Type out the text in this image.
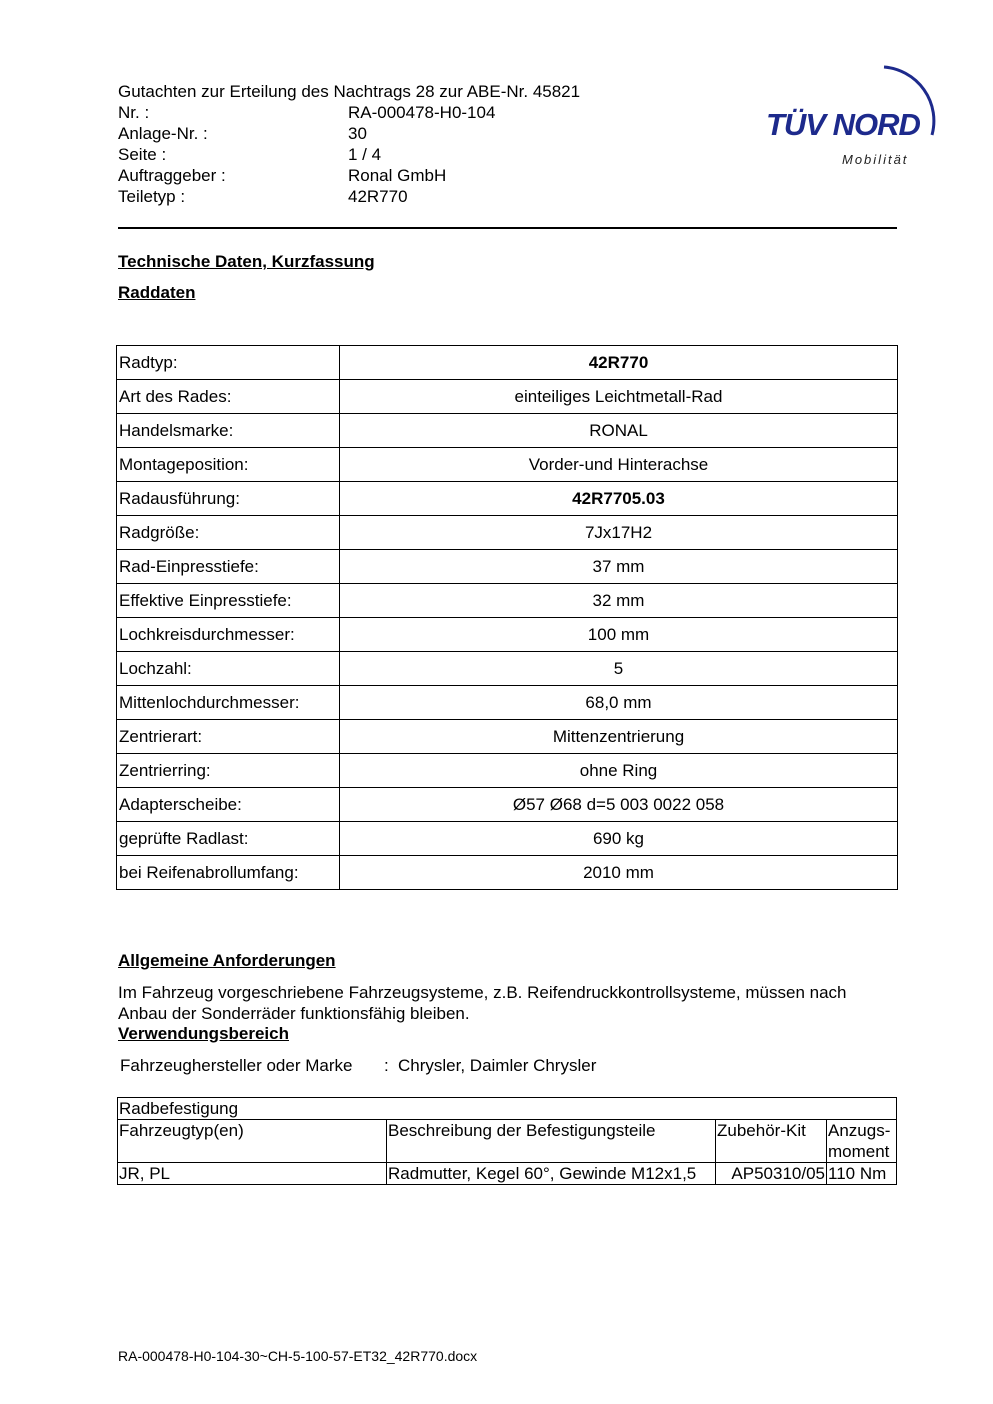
Gutachten zur Erteilung des Nachtrags 28 zur ABE-Nr. 45821
Nr. :	RA-000478-H0-104
Anlage-Nr. :	30
Seite :	1 / 4
Auftraggeber :	Ronal GmbH
Teiletyp :	42R770
TÜV NORD
Mobilität
Technische Daten, Kurzfassung
Raddaten
Radtyp:	42R770
Art des Rades:	einteiliges Leichtmetall-Rad
Handelsmarke:	RONAL
Montageposition:	Vorder-und Hinterachse
Radausführung:	42R7705.03
Radgröße:	7Jx17H2
Rad-Einpresstiefe:	37 mm
Effektive Einpresstiefe:	32 mm
Lochkreisdurchmesser:	100 mm
Lochzahl:	5
Mittenlochdurchmesser:	68,0 mm
Zentrierart:	Mittenzentrierung
Zentrierring:	ohne Ring
Adapterscheibe:	Ø57 Ø68 d=5 003 0022 058
geprüfte Radlast:	690 kg
bei Reifenabrollumfang:	2010 mm
Allgemeine Anforderungen
Im Fahrzeug vorgeschriebene Fahrzeugsysteme, z.B. Reifendruckkontrollsysteme, müssen nach Anbau der Sonderräder funktionsfähig bleiben.
Verwendungsbereich
Fahrzeughersteller oder Marke	: Chrysler, Daimler Chrysler
Radbefestigung			
Fahrzeugtyp(en)	Beschreibung der Befestigungsteile	Zubehör-Kit	Anzugs-moment
JR, PL	Radmutter, Kegel 60°, Gewinde M12x1,5	AP50310/05	110 Nm
RA-000478-H0-104-30~CH-5-100-57-ET32_42R770.docx
